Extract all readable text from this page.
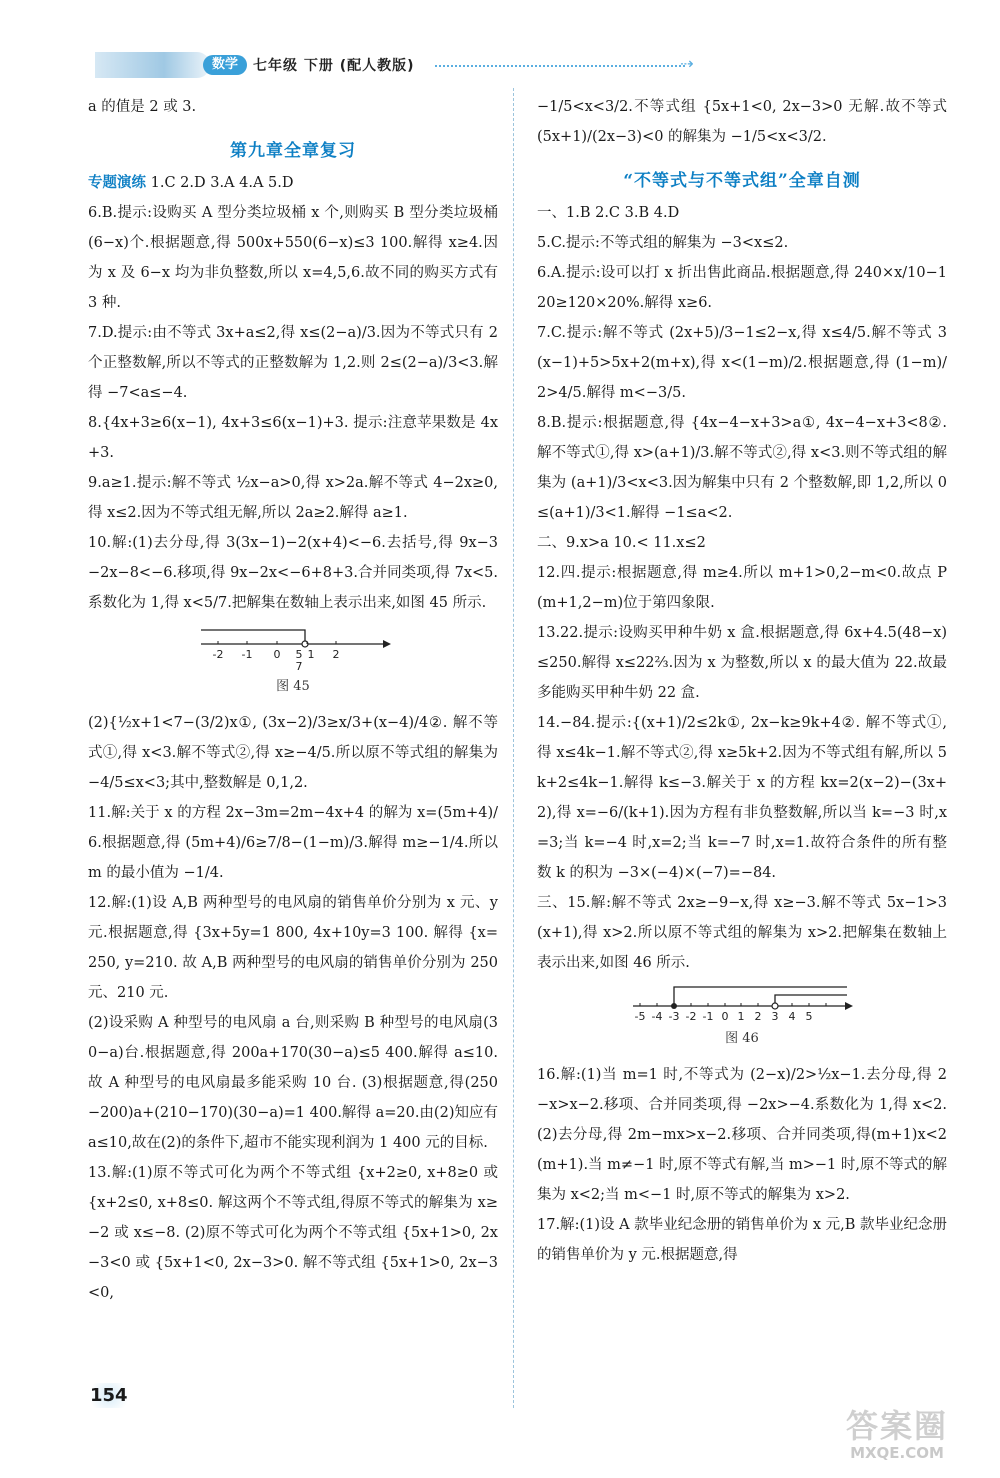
数学	七年级 下册 (配人教版)	⇢

a 的值是 2 或 3.

第九章全章复习

专题演练 1.C 2.D 3.A 4.A 5.D

6.B.提示:设购买 A 型分类垃圾桶 x 个,则购买 B 型分类垃圾桶(6−x)个.根据题意,得 500x+550(6−x)≤3 100.解得 x≥4.因为 x 及 6−x 均为非负整数,所以 x=4,5,6.故不同的购买方式有3 种.

7.D.提示:由不等式 3x+a≤2,得 x≤(2−a)/3.因为不等式只有 2 个正整数解,所以不等式的正整数解为 1,2.则 2≤(2−a)/3<3.解得 −7<a≤−4.

8.{4x+3≥6(x−1), 4x+3≤6(x−1)+3. 提示:注意苹果数是 4x+3.

9.a≥1.提示:解不等式 ½x−a>0,得 x>2a.解不等式 4−2x≥0,得 x≤2.因为不等式组无解,所以 2a≥2.解得 a≥1.

10.解:(1)去分母,得 3(3x−1)−2(x+4)<−6.去括号,得 9x−3−2x−8<−6.移项,得 9x−2x<−6+8+3.合并同类项,得 7x<5.系数化为 1,得 x<5/7.把解集在数轴上表示出来,如图 45 所示.

-2 -1 0 5 1 2
7
图 45

(2){½x+1<7−(3/2)x①, (3x−2)/3≥x/3+(x−4)/4②. 解不等式①,得 x<3.解不等式②,得 x≥−4/5.所以原不等式组的解集为 −4/5≤x<3;其中,整数解是 0,1,2.

11.解:关于 x 的方程 2x−3m=2m−4x+4 的解为 x=(5m+4)/6.根据题意,得 (5m+4)/6≥7/8−(1−m)/3.解得 m≥−1/4.所以 m 的最小值为 −1/4.

12.解:(1)设 A,B 两种型号的电风扇的销售单价分别为 x 元、y 元.根据题意,得 {3x+5y=1 800, 4x+10y=3 100. 解得 {x=250, y=210. 故 A,B 两种型号的电风扇的销售单价分别为 250 元、210 元.

(2)设采购 A 种型号的电风扇 a 台,则采购 B 种型号的电风扇(30−a)台.根据题意,得 200a+170(30−a)≤5 400.解得 a≤10.故 A 种型号的电风扇最多能采购 10 台. (3)根据题意,得(250−200)a+(210−170)(30−a)=1 400.解得 a=20.由(2)知应有 a≤10,故在(2)的条件下,超市不能实现利润为 1 400 元的目标.

13.解:(1)原不等式可化为两个不等式组 {x+2≥0, x+8≥0 或 {x+2≤0, x+8≤0. 解这两个不等式组,得原不等式的解集为 x≥−2 或 x≤−8. (2)原不等式可化为两个不等式组 {5x+1>0, 2x−3<0 或 {5x+1<0, 2x−3>0. 解不等式组 {5x+1>0, 2x−3<0,

−1/5<x<3/2.不等式组 {5x+1<0, 2x−3>0 无解.故不等式 (5x+1)/(2x−3)<0 的解集为 −1/5<x<3/2.

“不等式与不等式组”全章自测

一、1.B 2.C 3.B 4.D

5.C.提示:不等式组的解集为 −3<x≤2.

6.A.提示:设可以打 x 折出售此商品.根据题意,得 240×x/10−120≥120×20%.解得 x≥6.

7.C.提示:解不等式 (2x+5)/3−1≤2−x,得 x≤4/5.解不等式 3(x−1)+5>5x+2(m+x),得 x<(1−m)/2.根据题意,得 (1−m)/2>4/5.解得 m<−3/5.

8.B.提示:根据题意,得 {4x−4−x+3>a①, 4x−4−x+3<8②. 解不等式①,得 x>(a+1)/3.解不等式②,得 x<3.则不等式组的解集为 (a+1)/3<x<3.因为解集中只有 2 个整数解,即 1,2,所以 0≤(a+1)/3<1.解得 −1≤a<2.

二、9.x>a 10.< 11.x≤2

12.四.提示:根据题意,得 m≥4.所以 m+1>0,2−m<0.故点 P(m+1,2−m)位于第四象限.

13.22.提示:设购买甲种牛奶 x 盒.根据题意,得 6x+4.5(48−x)≤250.解得 x≤22⅔.因为 x 为整数,所以 x 的最大值为 22.故最多能购买甲种牛奶 22 盒.

14.−84.提示:{(x+1)/2≤2k①, 2x−k≥9k+4②. 解不等式①,得 x≤4k−1.解不等式②,得 x≥5k+2.因为不等式组有解,所以 5k+2≤4k−1.解得 k≤−3.解关于 x 的方程 kx=2(x−2)−(3x+2),得 x=−6/(k+1).因为方程有非负整数解,所以当 k=−3 时,x=3;当 k=−4 时,x=2;当 k=−7 时,x=1.故符合条件的所有整数 k 的积为 −3×(−4)×(−7)=−84.

三、15.解:解不等式 2x≥−9−x,得 x≥−3.解不等式 5x−1>3(x+1),得 x>2.所以原不等式组的解集为 x>2.把解集在数轴上表示出来,如图 46 所示.

-5 -4 -3 -2 -1 0 1 2 3 4 5
图 46

16.解:(1)当 m=1 时,不等式为 (2−x)/2>½x−1.去分母,得 2−x>x−2.移项、合并同类项,得 −2x>−4.系数化为 1,得 x<2. (2)去分母,得 2m−mx>x−2.移项、合并同类项,得(m+1)x<2(m+1).当 m≠−1 时,原不等式有解,当 m>−1 时,原不等式的解集为 x<2;当 m<−1 时,原不等式的解集为 x>2.

17.解:(1)设 A 款毕业纪念册的销售单价为 x 元,B 款毕业纪念册的销售单价为 y 元.根据题意,得

154
答案圈
MXQE.COM
